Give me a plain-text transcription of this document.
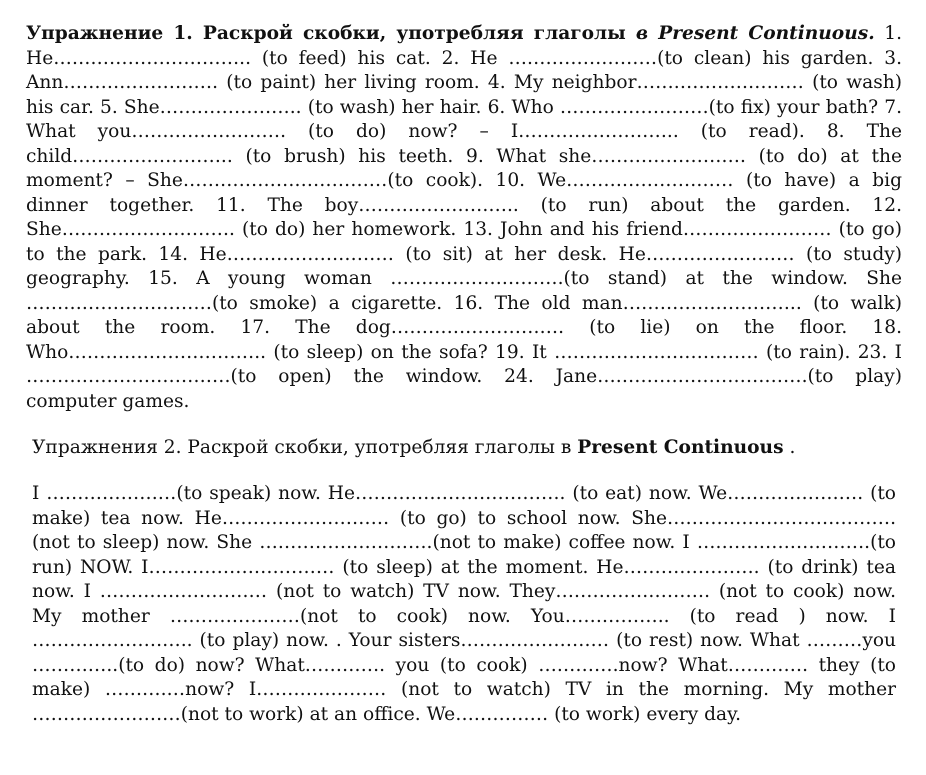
Упражнение 1. Раскрой скобки, употребляя глаголы в Present Continuous. 1. He………………………….. (to feed) his cat. 2. He ……………………(to clean) his garden. 3. Ann……………………. (to paint) her living room. 4. My neighbor……………………… (to wash) his car. 5. She………………….. (to wash) her hair. 6. Who ……………………(to fix) your bath? 7. What you……………………. (to do) now? – I…………………….. (to read). 8. The child…………………….. (to brush) his teeth. 9. What she……………………. (to do) at the moment? – She……………………………(to cook). 10. We……………………… (to have) a big dinner together. 11. The boy…………………….. (to run) about the garden. 12. She………………………. (to do) her homework. 13. John and his friend…………………… (to go) to the park. 14. He……………………… (to sit) at her desk. He…………………… (to study) geography. 15. A young woman ……………………….(to stand) at the window. She …………………………(to smoke) a cigarette. 16. The old man……………………….. (to walk) about the room. 17. The dog………………………. (to lie) on the floor. 18. Who………………………….. (to sleep) on the sofa? 19. It …………………………… (to rain). 23. I ……………………………(to open) the window. 24. Jane…………………………….(to play) computer games.
Упражнения 2. Раскрой скобки, употребляя глаголы в Present Continuous .
I …………………(to speak) now. He……………………………. (to eat) now. We…………………. (to make) tea now. He……………………… (to go) to school now. She………………………………. (not to sleep) now. She ……………………….(not to make) coffee now. I ……………………….(to run) NOW. I………………………… (to sleep) at the moment. He…………………. (to drink) tea now. I ……………………… (not to watch) TV now. They……………………. (not to cook) now. My mother …………………(not to cook) now. You…………….. (to read ) now. I …………………….. (to play) now. . Your sisters…………………… (to rest) now. What ………you …………..(to do) now? What…………. you (to cook) ………….now? What…………. they (to make) ……….…now? I………………… (not to watch) TV in the morning. My mother ……………………(not to work) at an office. We…………… (to work) every day.
